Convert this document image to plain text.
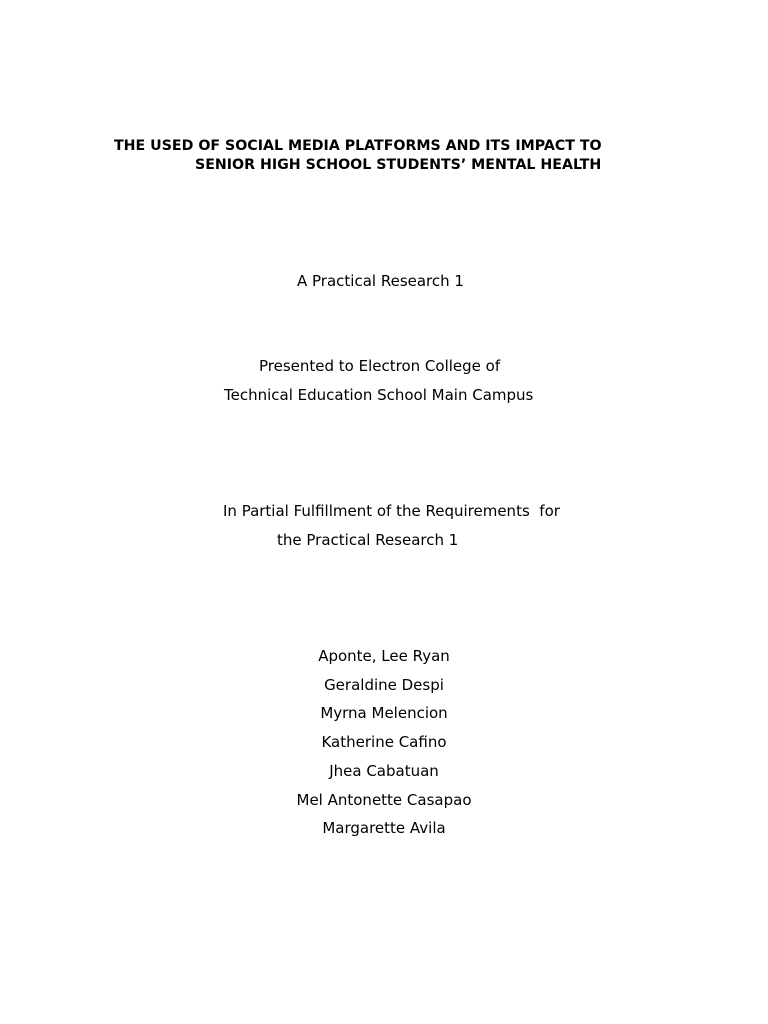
THE USED OF SOCIAL MEDIA PLATFORMS AND ITS IMPACT TO
SENIOR HIGH SCHOOL STUDENTS’ MENTAL HEALTH
A Practical Research 1
Presented to Electron College of
Technical Education School Main Campus
In Partial Fulfillment of the Requirements  for
the Practical Research 1
Aponte, Lee Ryan
Geraldine Despi
Myrna Melencion
Katherine Cafino
Jhea Cabatuan
Mel Antonette Casapao
Margarette Avila
